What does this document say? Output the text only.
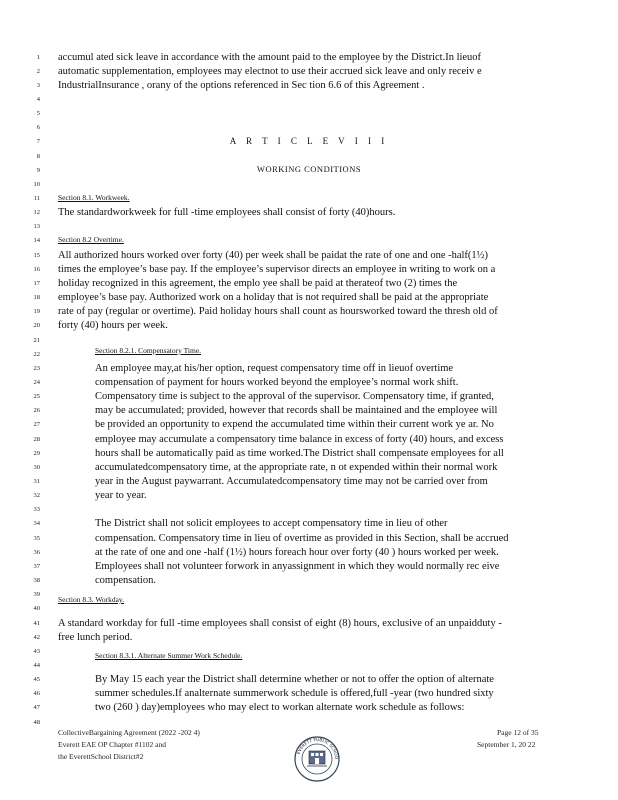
1 accumul ated sick leave in accordance with the amount paid to the employee by the District.In lieuof
2 automatic supplementation, employees may electnot to use their accrued sick leave and only receiv e
3 IndustrialInsurance , orany of the options referenced in Sec tion 6.6 of this Agreement .
4
5
6
7
8
9
10
11
12 The standardworkweek for full -time employees shall consist of forty (40)hours.
13
14
15 All authorized hours worked over forty (40) per week shall be paidat the rate of one and one -half(1½)
16 times the employee’s base pay. If the employee’s supervisor directs an employee in writing to work on a
17 holiday recognized in this agreement, the emplo yee shall be paid at therateof two (2) times the
18 employee’s base pay. Authorized work on a holiday that is not required shall be paid at the appropriate
19 rate of pay (regular or overtime). Paid holiday hours shall count as hoursworked toward the thresh old of
20 forty (40) hours per week.
21
22
23	An employee may,at his/her option, request compensatory time off in lieuof overtime
24	compensation of payment for hours worked beyond the employee’s normal work shift.
25	Compensatory time is subject to the approval of the supervisor. Compensatory time, if granted,
26	may be accumulated; provided, however that records shall be maintained and the employee will
27	be provided an opportunity to expend the accumulated time within their current work ye ar. No
28	employee may accumulate a compensatory time balance in excess of forty (40) hours, and excess
29	hours shall be automatically paid as time worked.The District shall compensate employees for all
30	accumulatedcompensatory time, at the appropriate rate, n ot expended within their normal work
31	year in the August paywarrant. Accumulatedcompensatory time may not be carried over from
32	year to year.
33
34	The District shall not solicit employees to accept compensatory time in lieu of other
35	compensation. Compensatory time in lieu of overtime as provided in this Section, shall be accrued
36	at the rate of one and one -half (1½) hours foreach hour over forty (40 ) hours worked per week.
37	Employees shall not volunteer forwork in anyassignment in which they would normally rec eive
38	compensation.
39
40
41 A standard workday for full -time employees shall consist of eight (8) hours, exclusive of an unpaidduty -
42 free lunch period.
43
44
45	By May 15 each year the District shall determine whether or not to offer the option of alternate
46	summer schedules.If analternate summerwork schedule is offered,full -year (two hundred sixty
47	two (260 ) day)employees who may elect to workan alternate work schedule as follows:
48
A R T I C L E V I I I
WORKING CONDITIONS
Section 8.1. Workweek.
Section 8.2 Overtime.
Section 8.2.1. Compensatory Time.
Section 8.3. Workday.
Section 8.3.1. Alternate Summer Work Schedule.
CollectiveBargaining Agreement (2022 -202 4)
Everett EAE OP Chapter #1102 and
the EverettSchool District#2
Page 12 of 35
September 1, 20 22
EVERETT PUBLIC SCHOO
